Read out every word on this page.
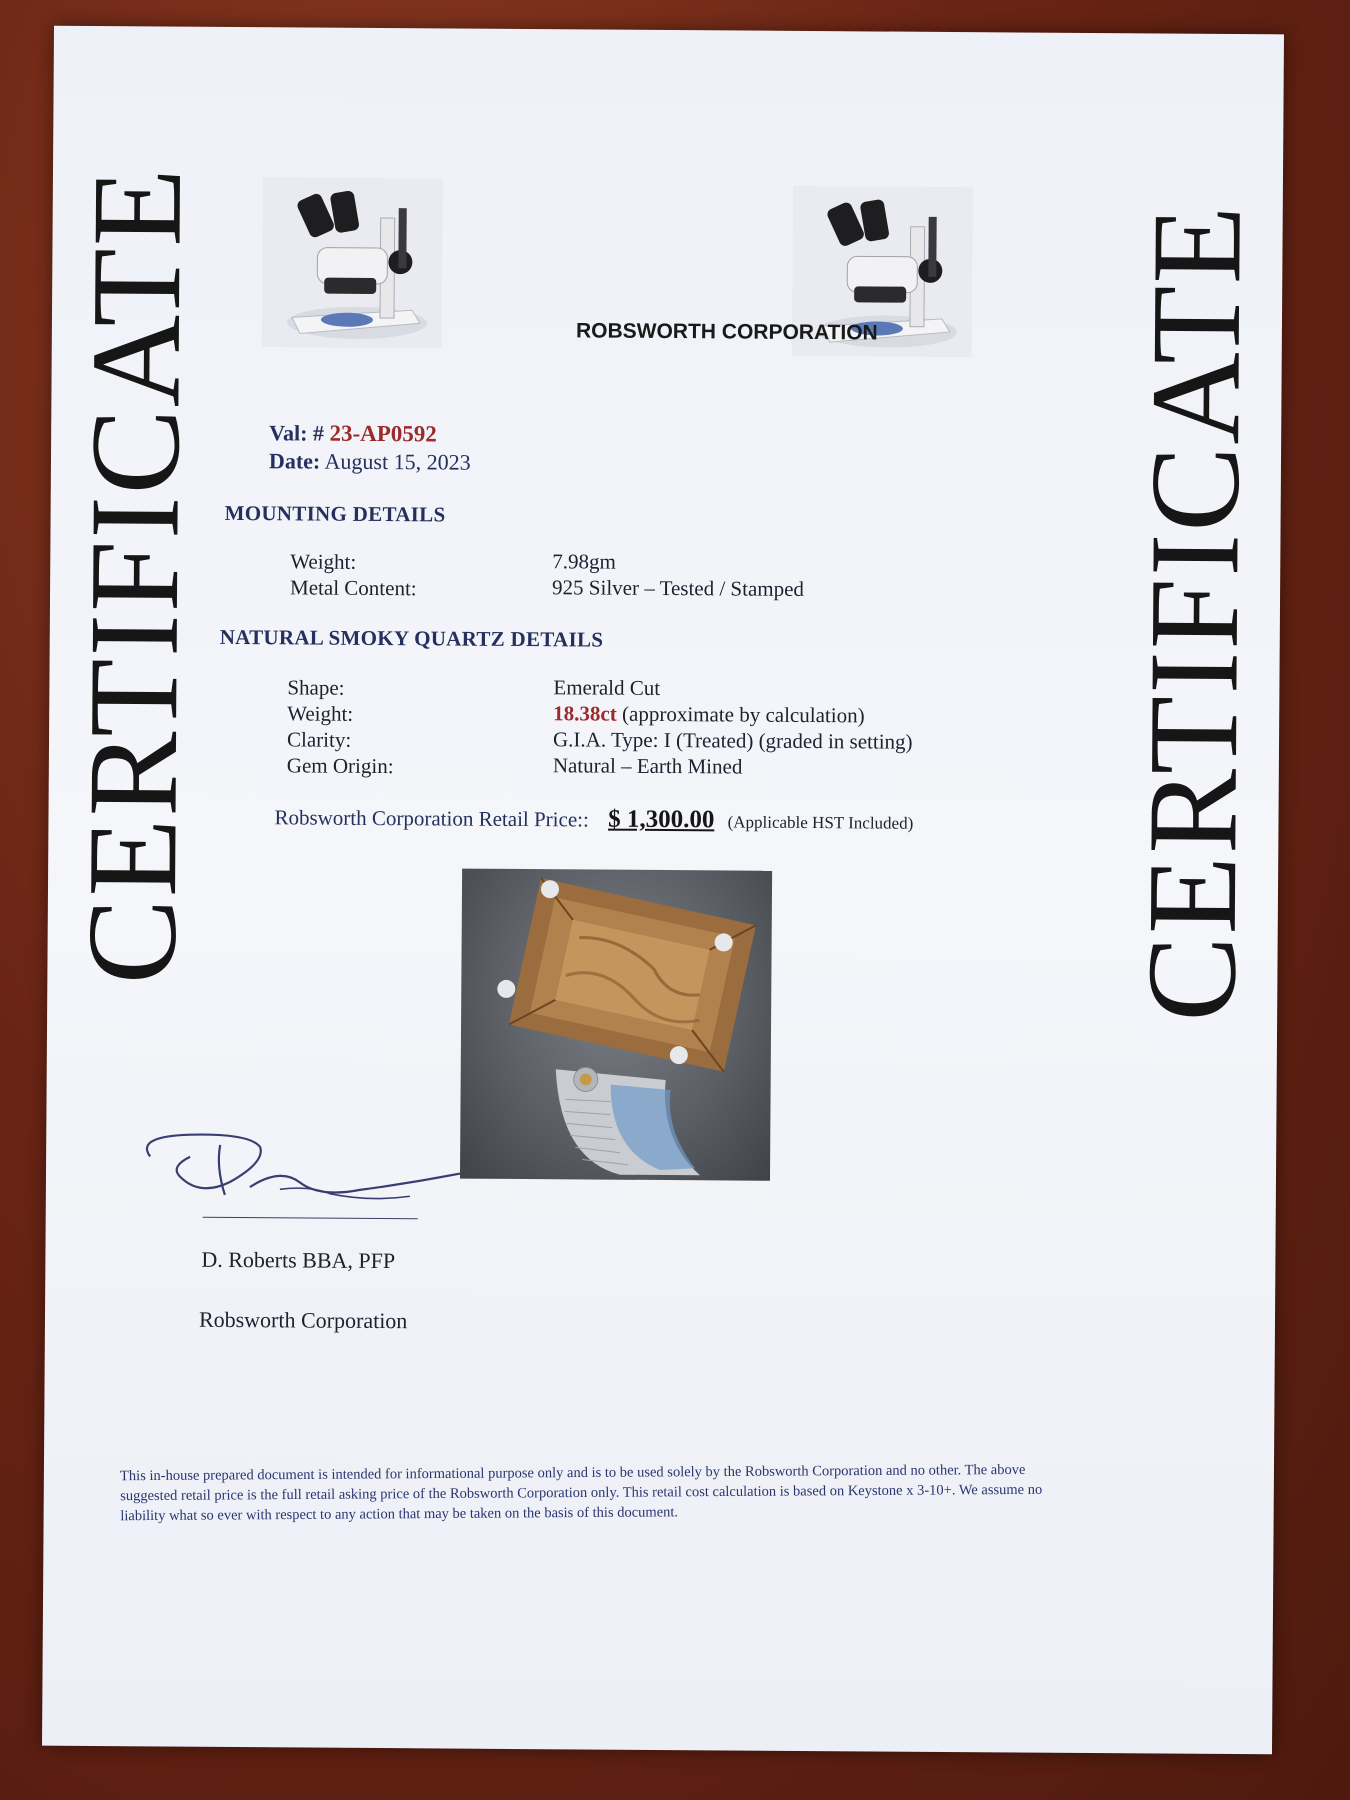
CERTIFICATE	CERTIFICATE
ROBSWORTH CORPORATION
Val: # 23-AP0592
Date: August 15, 2023
MOUNTING DETAILS
Weight:	7.98gm
Metal Content:	925 Silver – Tested / Stamped
NATURAL SMOKY QUARTZ DETAILS
Shape:	Emerald Cut
Weight:	18.38ct (approximate by calculation)
Clarity:	G.I.A. Type: I (Treated) (graded in setting)
Gem Origin:	Natural – Earth Mined
Robsworth Corporation Retail Price:: $ 1,300.00 (Applicable HST Included)
D. Roberts BBA, PFP
Robsworth Corporation
This in-house prepared document is intended for informational purpose only and is to be used solely by the Robsworth Corporation and no other. The above suggested retail price is the full retail asking price of the Robsworth Corporation only. This retail cost calculation is based on Keystone x 3-10+. We assume no liability what so ever with respect to any action that may be taken on the basis of this document.
